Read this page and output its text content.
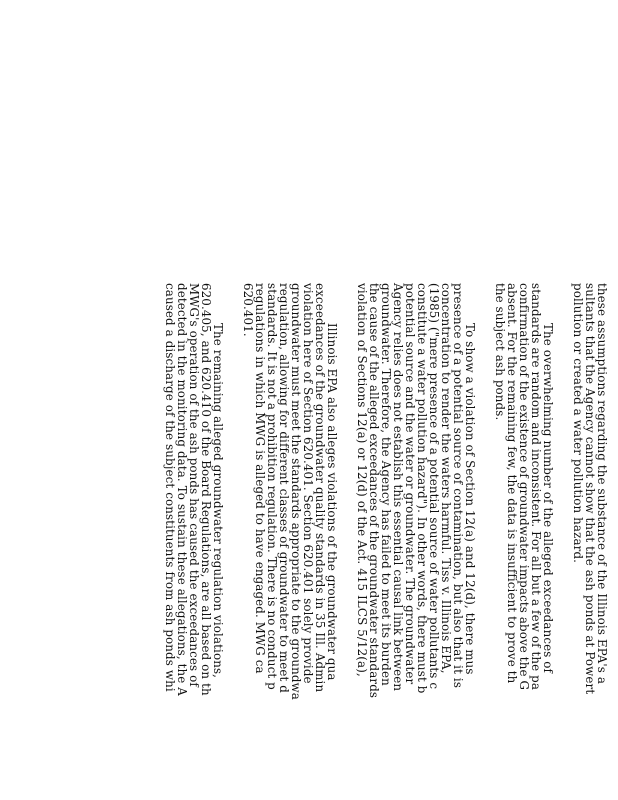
these assumptions regarding the substance of the Illinois EPA's a
sultants that the Agency cannot show that the ash ponds at Powert
pollution or created a water pollution hazard.
The overwhelming number of the alleged exceedances of
standards are random and inconsistent. For all but a few of the pa
confirmation of the existence of groundwater impacts above the G
absent. For the remaining few, the data is insufficient to prove th
the subject ash ponds.
To show a violation of Section 12(a) and 12(d), there mus
presence of a potential source of contamination, but also that it is
concentration to render the waters harmful. Tiss v. Illinois EPA,
(1985) ("mere presence of a potential source of water pollutants c
constitute a water pollution hazard"). In other words, there must b
potential source and the water or groundwater. The groundwater
Agency relies does not establish this essential causal link between
groundwater. Therefore, the Agency has failed to meet its burden
the cause of the alleged exceedances of the groundwater standards
violation of Sections 12(a) or 12(d) of the Act. 415 ILCS 5/12(a),
Illinois EPA also alleges violations of the groundwater qua
exceedances of the groundwater quality standards in 35 Ill. Admin
violation here of Section 620.401. Section 620.401 solely provide
groundwater must meet the standards appropriate to the groundwa
regulation, allowing for different classes of groundwater to meet d
standards. It is not a prohibition regulation. There is no conduct p
regulations in which MWG is alleged to have engaged. MWG ca
620.401.
The remaining alleged groundwater regulation violations,
620.405, and 620.410 of the Board Regulations, are all based on th
MWG's operation of the ash ponds has caused the exceedances of
detected in the monitoring data. To sustain these allegations, the A
caused a discharge of the subject constituents from ash ponds whi
